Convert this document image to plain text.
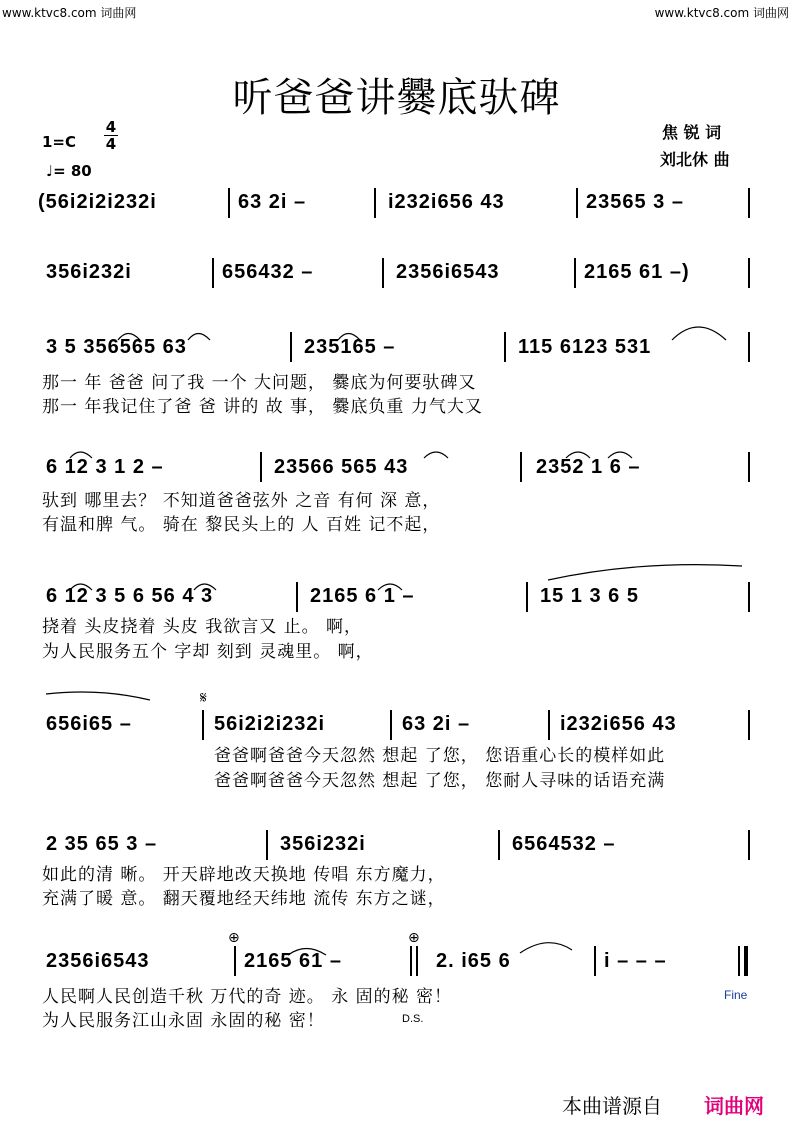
www.ktvc8.com 词曲网	www.ktvc8.com 词曲网
听爸爸讲爨底驮碑
1=C
4
4
♩= 80
焦 锐 词
刘北休 曲
(56i2i2i232i	63 2i –	i232i656 43	23565 3 –
356i232i	656432 –	2356i6543	2165 61 –)
3 5 356565 63	235165 –	115 6123 531
那一 年 爸爸 问了我 一个 大问题， 爨底为何要驮碑又
那一 年我记住了爸 爸 讲的 故 事， 爨底负重 力气大又
6 12 3 1 2 –	23566 565 43	2352 1 6 –
驮到 哪里去？ 不知道爸爸弦外 之音 有何 深 意，
有温和脾 气。 骑在 黎民头上的 人 百姓 记不起，
6 12 3 5 6 56 4 3	2165 6 1 –	15 1 3 6 5
挠着 头皮挠着 头皮 我欲言又 止。 啊，
为人民服务五个 字却 刻到 灵魂里。 啊，
𝄋
656i65 –	56i2i2i232i	63 2i –	i232i656 43
爸爸啊爸爸今天忽然 想起 了您， 您语重心长的模样如此
爸爸啊爸爸今天忽然 想起 了您， 您耐人寻味的话语充满
2 35 65 3 –	356i232i	6564532 –
如此的清 晰。 开天辟地改天换地 传唱 东方魔力，
充满了暖 意。 翻天覆地经天纬地 流传 东方之谜，
⊕	⊕
2356i6543	2165 61 –	2. i65 6	i – – –
人民啊人民创造千秋 万代的奇 迹。 永 固的秘 密！
为人民服务江山永固 永固的秘 密！	D.S.
Fine
本曲谱源自 词曲网
